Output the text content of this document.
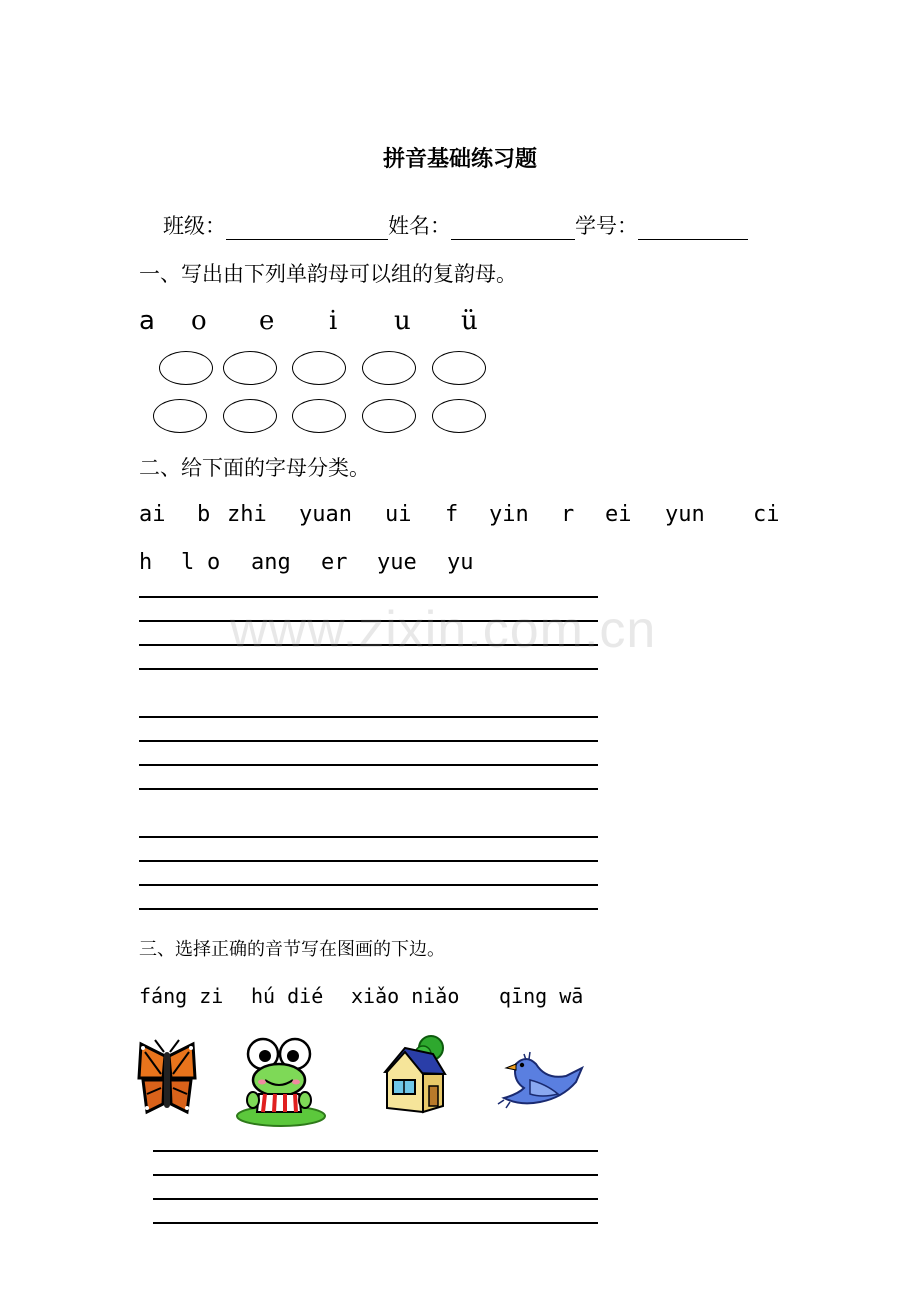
拼音基础练习题
班级：	姓名：	学号：
一、写出由下列单韵母可以组的复韵母。
a o e i u ü
二、给下面的字母分类。

ai

b

zhi

yuan

ui

f

yin

r

ei

yun

ci

h

l

o

ang

er

yue

yu

www.zixin.com.cn
三、选择正确的音节写在图画的下边。
fáng zi hú dié xiǎo niǎo qīng wā
